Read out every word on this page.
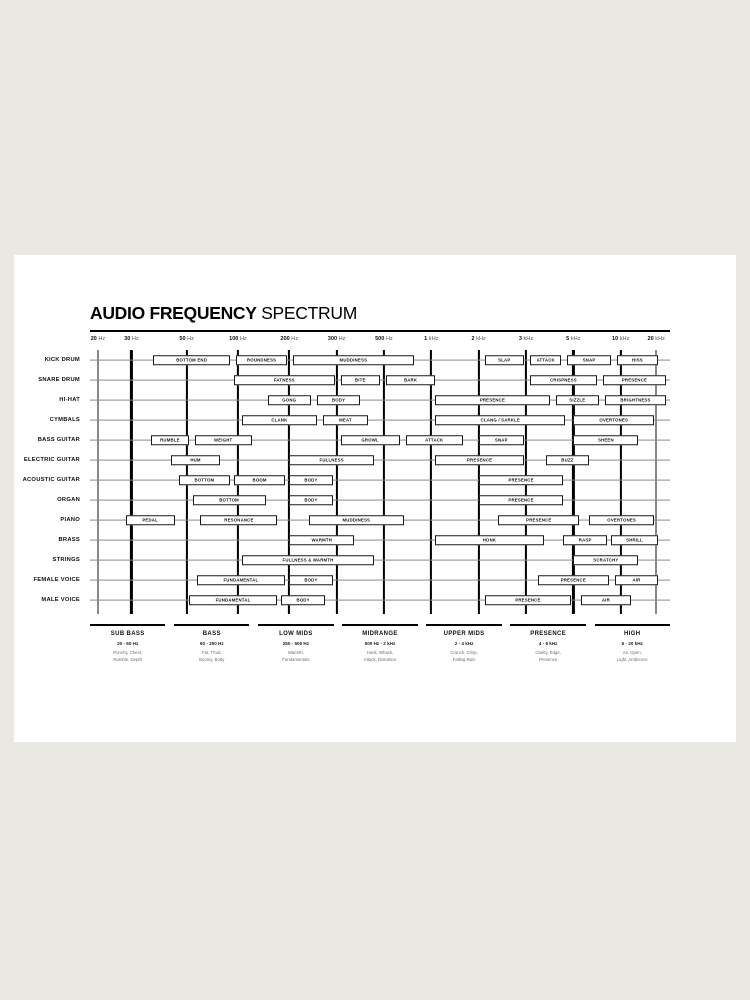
AUDIO FREQUENCY SPECTRUM
20 Hz	30 Hz	50 Hz	100 Hz	200 Hz	300 Hz	500 Hz	1 kHz	2 kHz	3 kHz	5 kHz	10 kHz	20 kHz
KICK DRUM	BOTTOM END	ROUNDNESS	MUDDINESS	SLAP	ATTACK	SNAP	HISS
SNARE DRUM	FATNESS	BITE	BARK	CRISPNESS	PRESENCE
HI-HAT	GONG	BODY	PRESENCE	SIZZLE	BRIGHTNESS
CYMBALS	CLANK	MEAT	CLANG / SARKLE	OVERTONES
BASS GUITAR	RUMBLE	WEIGHT	GROWL	ATTACK	SNAP	SHEEN
ELECTRIC GUITAR	HUM	FULLNESS	PRESENCE	BUZZ
ACOUSTIC GUITAR	BOTTOM	BOOM	BODY	PRESENCE
ORGAN	BOTTOM	BODY	PRESENCE
PIANO	PEDAL	RESONANCE	MUDDINESS	PRESENCE	OVERTONES
BRASS	WARMTH	HONK	RASP	SHRILL
STRINGS	FULLNESS & WARMTH	SCRATCHY
FEMALE VOICE	FUNDAMENTAL	BODY	PRESENCE	AIR
MALE VOICE	FUNDAMENTAL	BODY	PRESENCE	AIR
SUB BASS
20 - 60 Hz
Punchy, Chest,
Rumble, Depth
BASS
60 - 250 Hz
Fat, Thud,
Boomy, Body
LOW MIDS
250 - 500 Hz
Warmth,
Fundamentals
MIDRANGE
500 Hz - 2 kHz
Honk, Whack,
Attack, Distortion
UPPER MIDS
2 - 4 kHz
Crunch, Crisp,
Falling Rain
PRESENCE
4 - 6 kHz
Clarity, Edge,
Presence
HIGH
6 - 20 kHz
Air, Open,
Light, Ambience
